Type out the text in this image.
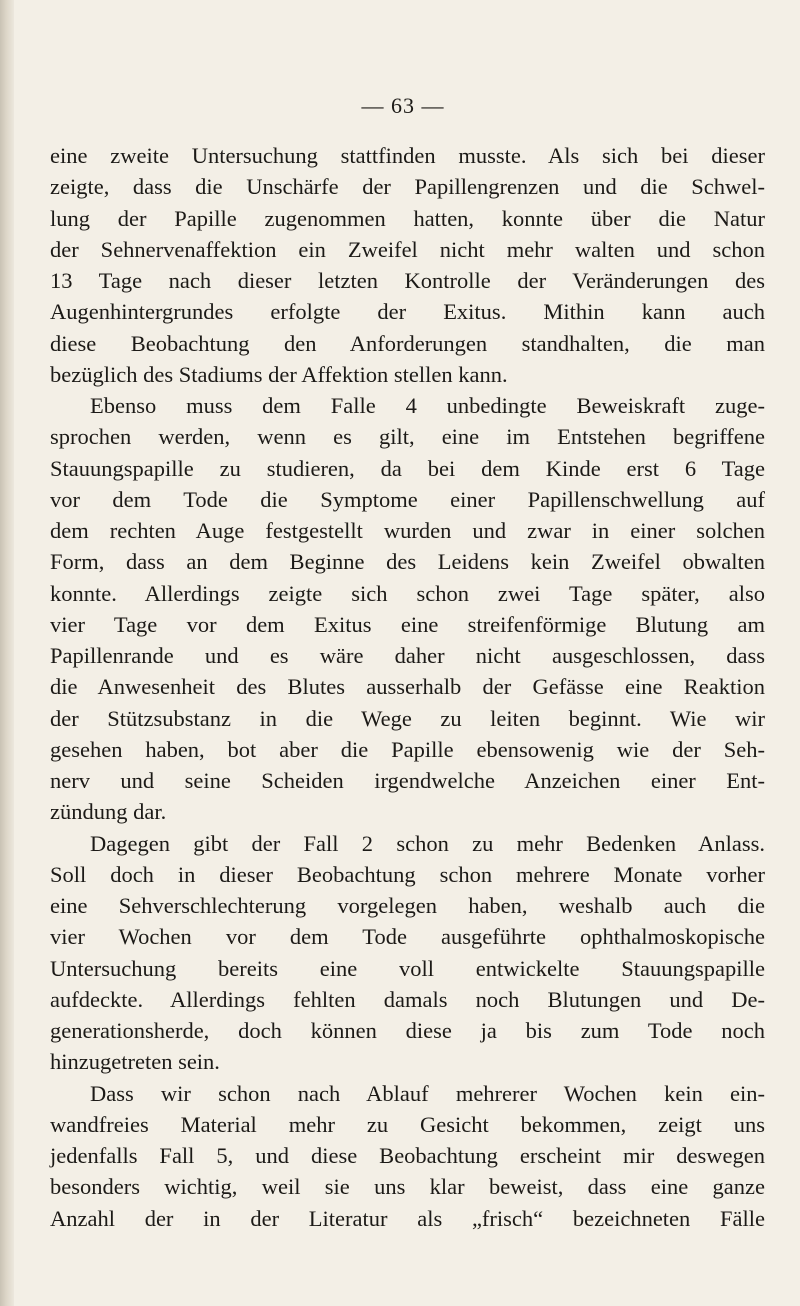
— 63 —
eine zweite Untersuchung stattfinden musste. Als sich bei dieser
zeigte, dass die Unschärfe der Papillengrenzen und die Schwel-
lung der Papille zugenommen hatten, konnte über die Natur
der Sehnervenaffektion ein Zweifel nicht mehr walten und schon
13 Tage nach dieser letzten Kontrolle der Veränderungen des
Augenhintergrundes erfolgte der Exitus. Mithin kann auch
diese Beobachtung den Anforderungen standhalten, die man
bezüglich des Stadiums der Affektion stellen kann.
Ebenso muss dem Falle 4 unbedingte Beweiskraft zuge-
sprochen werden, wenn es gilt, eine im Entstehen begriffene
Stauungspapille zu studieren, da bei dem Kinde erst 6 Tage
vor dem Tode die Symptome einer Papillenschwellung auf
dem rechten Auge festgestellt wurden und zwar in einer solchen
Form, dass an dem Beginne des Leidens kein Zweifel obwalten
konnte. Allerdings zeigte sich schon zwei Tage später, also
vier Tage vor dem Exitus eine streifenförmige Blutung am
Papillenrande und es wäre daher nicht ausgeschlossen, dass
die Anwesenheit des Blutes ausserhalb der Gefässe eine Reaktion
der Stützsubstanz in die Wege zu leiten beginnt. Wie wir
gesehen haben, bot aber die Papille ebensowenig wie der Seh-
nerv und seine Scheiden irgendwelche Anzeichen einer Ent-
zündung dar.
Dagegen gibt der Fall 2 schon zu mehr Bedenken Anlass.
Soll doch in dieser Beobachtung schon mehrere Monate vorher
eine Sehverschlechterung vorgelegen haben, weshalb auch die
vier Wochen vor dem Tode ausgeführte ophthalmoskopische
Untersuchung bereits eine voll entwickelte Stauungspapille
aufdeckte. Allerdings fehlten damals noch Blutungen und De-
generationsherde, doch können diese ja bis zum Tode noch
hinzugetreten sein.
Dass wir schon nach Ablauf mehrerer Wochen kein ein-
wandfreies Material mehr zu Gesicht bekommen, zeigt uns
jedenfalls Fall 5, und diese Beobachtung erscheint mir deswegen
besonders wichtig, weil sie uns klar beweist, dass eine ganze
Anzahl der in der Literatur als „frisch“ bezeichneten Fälle
